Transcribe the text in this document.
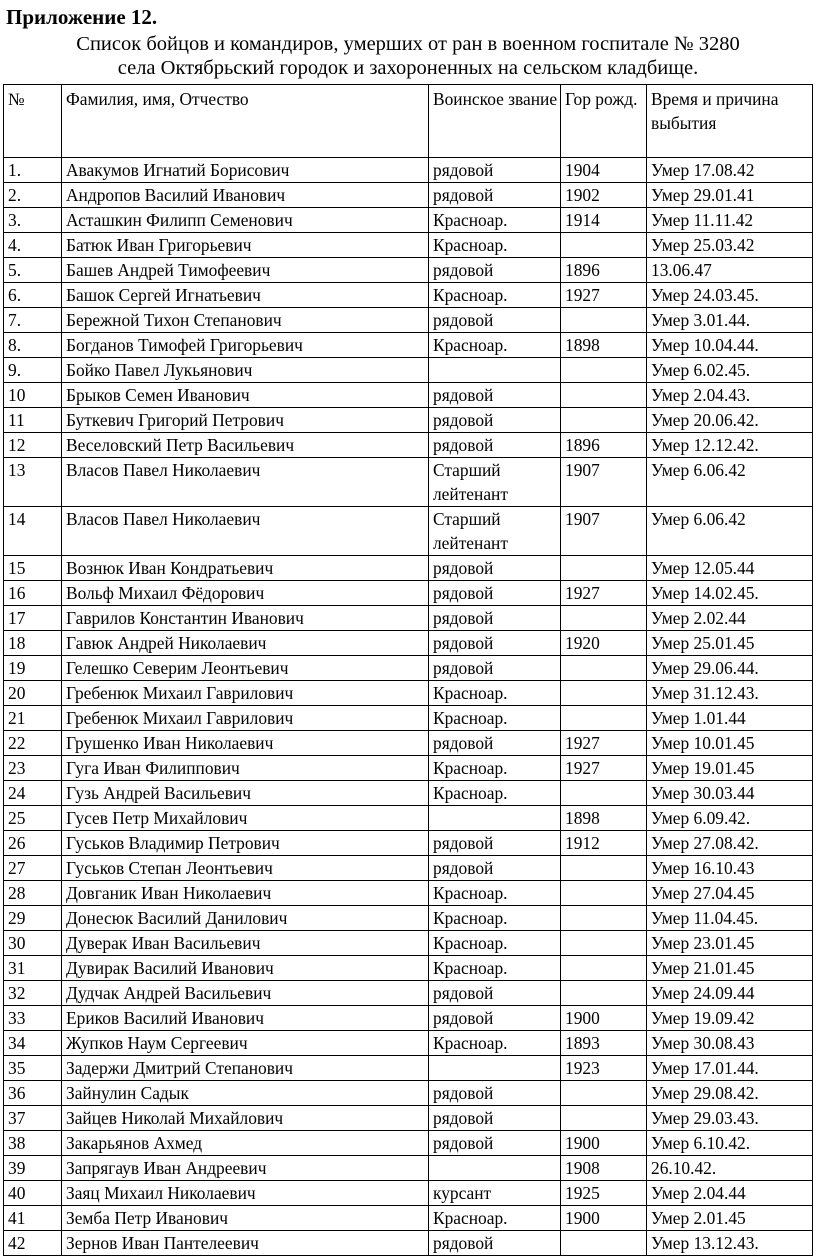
Приложение 12.
Список бойцов и командиров, умерших от ран в военном госпитале № 3280
села Октябрьский городок и захороненных на сельском кладбище.
№	Фамилия, имя, Отчество	Воинское звание	Гор рожд.	Время и причина выбытия
1.	Авакумов Игнатий Борисович	рядовой	1904	Умер 17.08.42
2.	Андропов Василий Иванович	рядовой	1902	Умер 29.01.41
3.	Асташкин Филипп Семенович	Красноар.	1914	Умер 11.11.42
4.	Батюк Иван Григорьевич	Красноар.		Умер 25.03.42
5.	Башев Андрей Тимофеевич	рядовой	1896	13.06.47
6.	Башок Сергей Игнатьевич	Красноар.	1927	Умер 24.03.45.
7.	Бережной Тихон Степанович	рядовой		Умер 3.01.44.
8.	Богданов Тимофей Григорьевич	Красноар.	1898	Умер 10.04.44.
9.	Бойко Павел Лукьянович			Умер 6.02.45.
10	Брыков Семен Иванович	рядовой		Умер 2.04.43.
11	Буткевич Григорий Петрович	рядовой		Умер 20.06.42.
12	Веселовский Петр Васильевич	рядовой	1896	Умер 12.12.42.
13	Власов Павел Николаевич	Старший лейтенант	1907	Умер 6.06.42
14	Власов Павел Николаевич	Старший лейтенант	1907	Умер 6.06.42
15	Вознюк Иван Кондратьевич	рядовой		Умер 12.05.44
16	Вольф Михаил Фёдорович	рядовой	1927	Умер 14.02.45.
17	Гаврилов Константин Иванович	рядовой		Умер 2.02.44
18	Гавюк Андрей Николаевич	рядовой	1920	Умер 25.01.45
19	Гелешко Северим Леонтьевич	рядовой		Умер 29.06.44.
20	Гребенюк Михаил Гаврилович	Красноар.		Умер 31.12.43.
21	Гребенюк Михаил Гаврилович	Красноар.		Умер 1.01.44
22	Грушенко Иван Николаевич	рядовой	1927	Умер 10.01.45
23	Гуга Иван Филиппович	Красноар.	1927	Умер 19.01.45
24	Гузь Андрей Васильевич	Красноар.		Умер 30.03.44
25	Гусев Петр Михайлович		1898	Умер 6.09.42.
26	Гуськов Владимир Петрович	рядовой	1912	Умер 27.08.42.
27	Гуськов Степан Леонтьевич	рядовой		Умер 16.10.43
28	Довганик Иван Николаевич	Красноар.		Умер 27.04.45
29	Донесюк Василий Данилович	Красноар.		Умер 11.04.45.
30	Дуверак Иван Васильевич	Красноар.		Умер 23.01.45
31	Дувирак Василий Иванович	Красноар.		Умер 21.01.45
32	Дудчак Андрей Васильевич	рядовой		Умер 24.09.44
33	Ериков Василий Иванович	рядовой	1900	Умер 19.09.42
34	Жупков Наум Сергеевич	Красноар.	1893	Умер 30.08.43
35	Задержи Дмитрий Степанович		1923	Умер 17.01.44.
36	Зайнулин Садык	рядовой		Умер 29.08.42.
37	Зайцев Николай Михайлович	рядовой		Умер 29.03.43.
38	Закарьянов Ахмед	рядовой	1900	Умер 6.10.42.
39	Запрягаув Иван Андреевич		1908	26.10.42.
40	Заяц Михаил Николаевич	курсант	1925	Умер 2.04.44
41	Земба Петр Иванович	Красноар.	1900	Умер 2.01.45
42	Зернов Иван Пантелеевич	рядовой		Умер 13.12.43.
